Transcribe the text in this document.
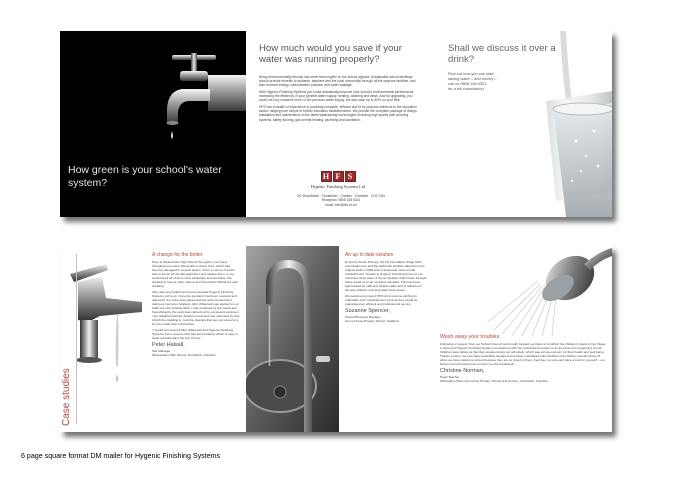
How green is your school's water system?
How much would you save if your water was running properly?

Being environmentally friendly has never been higher on the school agenda. Sustainable school buildings should provide benefits to students, teachers and the local community through all the purpose facilities, and also reduced energy, carbonisation pollution and water wastage.

With Hygenic Finishing Systems you could dramatically improve your school's environmental performance, increasing the efficiency of your general water supply, heating, washing and wash. And by upgrading, you could not only conserve more of our precious water supply, but also save up to 30% on your bills.

HFS has a wealth of experience in providing complete, efficient and fit for purpose solutions to the education sector, ranging from simple to further education establishments. We provide the complete package of design, installation and maintenance to the latest watersaving technologies including high quality wall covering systems, safety flooring, gas central heating, plumbing and sanitation.

H F S
Hygenic Finishing Systems Ltd
28, Woodfields · Christleton · Chester · Cheshire · CH3 7AH
Reception: 0808 108 6321
email: info@hfs.co.uk
Shall we discuss it over a drink?
Find out how you can start
saving water – and money –
call on 0808 108 6321
for a full consultation.
Case studies
A change for the better

Here at Weaverham High School the pupils in our busy changing room were faced with a scarier floor, which had become damaged in several places. Once a course of action was to knock off the damaged floor and replace them, or we could knock all of them off to wholesale and purchase. We decided to look at other options and found Altro Whiterock wall cladding.

Altro was very helpful and recommended Hygenic Finishing Systems Ltd to us. Once the quotation had been received and approved, the order was placed and the work commenced during our summer holidays. Altro Whiterock was applied to our walls over the existing flash. I was surprised by the speed and how efficiently the work was carried out by competent workmen. I am delighted with the finished result and was surprised by how stylish the cladding is. And the cleaning that we now spend is a lot less made than it did before.

"I would recommend Altro Whiterock and Hygenic Finishing Systems Ltd to anyone who has tired surfaces which is easy to clean and will stand the test of time."
Peter Halsall,
Site Manager
Weaverham High School, Northwich, Cheshire
An up to date solution

At Grove House Primary, the ISI Foundation Stage Multi and cloakrooms and the staff toilet facilities dated from the original build in 1969 and in desperate need of total refurbishment. Thanks to Hygenic Finishing Systems Ltd now have three state of the art facilities which have brought these areas up to an excellent standard. This has been appreciated by staff and children alike and is reflected in the way children now look after these areas.

We would recommend HFS Ltd to anyone wishing to undertake such refurbishment work as they would be guaranteed an efficient and professional service.

Suzanne Spencer,
School Business Manager
Grove House Primary School, Stratford
Wash away your troubles

Following a 'request' from our School Council we brought forward our plans to refurbish the children's toilets in Key Stage 2. Altro and Hygenic Finishing Systems provided us with the professional service to do just that, from beginning to end. Children were telling us that they avoided using our old toilets, which was a huge concern for their health and well being. Thanks to Altro, we now have beautifully designed and easily maintained toilet facilities that children actually show off when we have visitors to school because they are so proud of them. Feel free to come and have a look for yourself – our School Council would love to show you the handiwork!

Christine Norman,
Head Teacher
Winnington Park Community Primary School and Nursery, Northwich, Cheshire
6 page square format DM mailer for Hygenic Finishing Systems
